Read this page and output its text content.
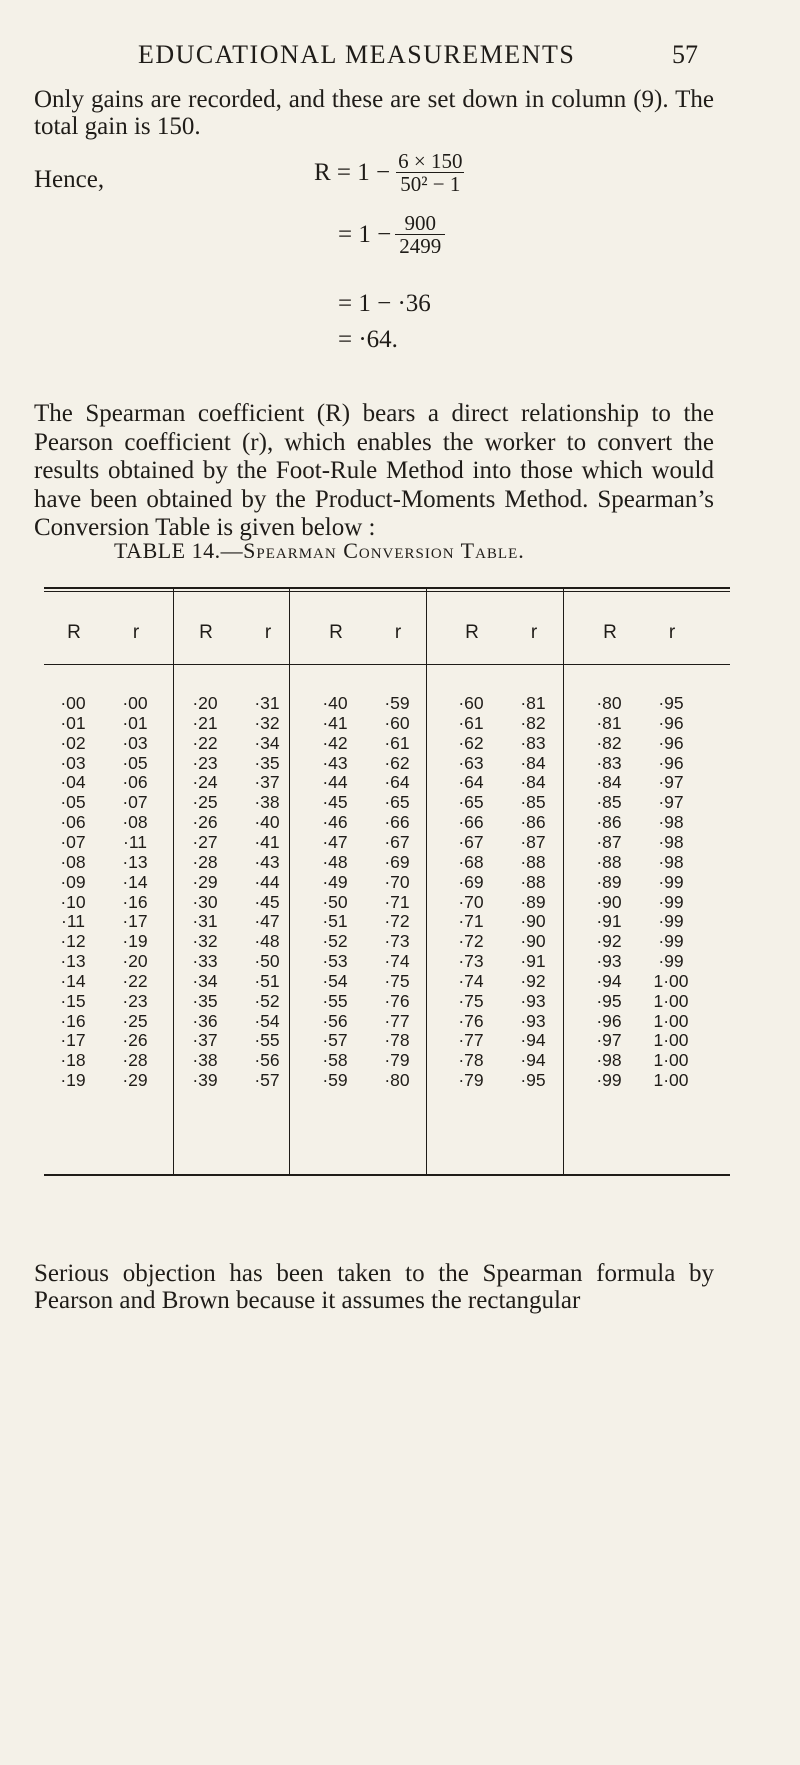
EDUCATIONAL MEASUREMENTS	57
Only gains are recorded, and these are set down in column (9). The total gain is 150.
Hence,	$R = 1 - \frac{6 \times 150}{\text{50² − 1}}$
= $1 - \frac{900}{2499}$
= 1 − ·36
= ·64.
The Spearman coefficient (R) bears a direct relationship to the Pearson coefficient (r), which enables the worker to convert the results obtained by the Foot-Rule Method into those which would have been obtained by the Product-Moments Method. Spearman’s Conversion Table is given below :
TABLE 14.—Spearman Conversion Table.
R	r
·00	·00
·01	·01
·02	·03
·03	·05
·04	·06
·05	·07
·06	·08
·07	·11
·08	·13
·09	·14
·10	·16
·11	·17
·12	·19
·13	·20
·14	·22
·15	·23
·16	·25
·17	·26
·18	·28
·19	·29
R	r
·20	·31
·21	·32
·22	·34
·23	·35
·24	·37
·25	·38
·26	·40
·27	·41
·28	·43
·29	·44
·30	·45
·31	·47
·32	·48
·33	·50
·34	·51
·35	·52
·36	·54
·37	·55
·38	·56
·39	·57
R	r
·40	·59
·41	·60
·42	·61
·43	·62
·44	·64
·45	·65
·46	·66
·47	·67
·48	·69
·49	·70
·50	·71
·51	·72
·52	·73
·53	·74
·54	·75
·55	·76
·56	·77
·57	·78
·58	·79
·59	·80
R	r
·60	·81
·61	·82
·62	·83
·63	·84
·64	·84
·65	·85
·66	·86
·67	·87
·68	·88
·69	·88
·70	·89
·71	·90
·72	·90
·73	·91
·74	·92
·75	·93
·76	·93
·77	·94
·78	·94
·79	·95
R	r
·80	·95
·81	·96
·82	·96
·83	·96
·84	·97
·85	·97
·86	·98
·87	·98
·88	·98
·89	·99
·90	·99
·91	·99
·92	·99
·93	·99
·94	1·00
·95	1·00
·96	1·00
·97	1·00
·98	1·00
·99	1·00
Serious objection has been taken to the Spearman formula by Pearson and Brown because it assumes the rectangular
